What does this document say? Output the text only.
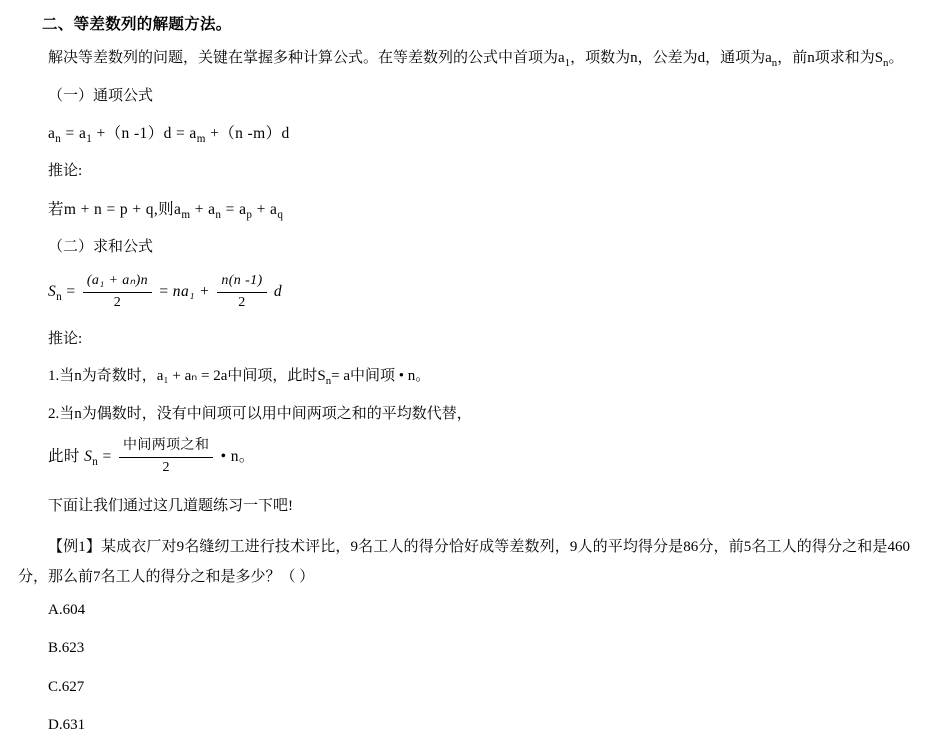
二、等差数列的解题方法。

解决等差数列的问题，关键在掌握多种计算公式。在等差数列的公式中首项为$a_1$，项数为n，公差为d，通项为$a_n$，前n项求和为$S_n$。

（一）通项公式

$a_n = a_1 +(n$ $-1)d = a_m +(n$ -m）d

推论:

若m + n = p + q,则$a_m + a_n = a_p + a_q$

（二）求和公式

$S_n = \frac{\text{(a₁ + aₙ)n}}{2} = na_1 + \frac{n(n -1)}{2}$ d

推论:

1.当n为奇数时，a₁ + aₙ = 2a中间项，此时$S_n= a$中间项 • n。

2.当n为偶数时，没有中间项可以用中间两项之和的平均数代替，

此时 $S_n = \frac{\text{中间两项之和}}{2}$ • n。

下面让我们通过这几道题练习一下吧!

【例1】某成衣厂对9名缝纫工进行技术评比，9名工人的得分恰好成等差数列，9人的平均得分是86分，前5名工人的得分之和是460分，那么前7名工人的得分之和是多少？（ ）

A.604
B.623
C.627
D.631
